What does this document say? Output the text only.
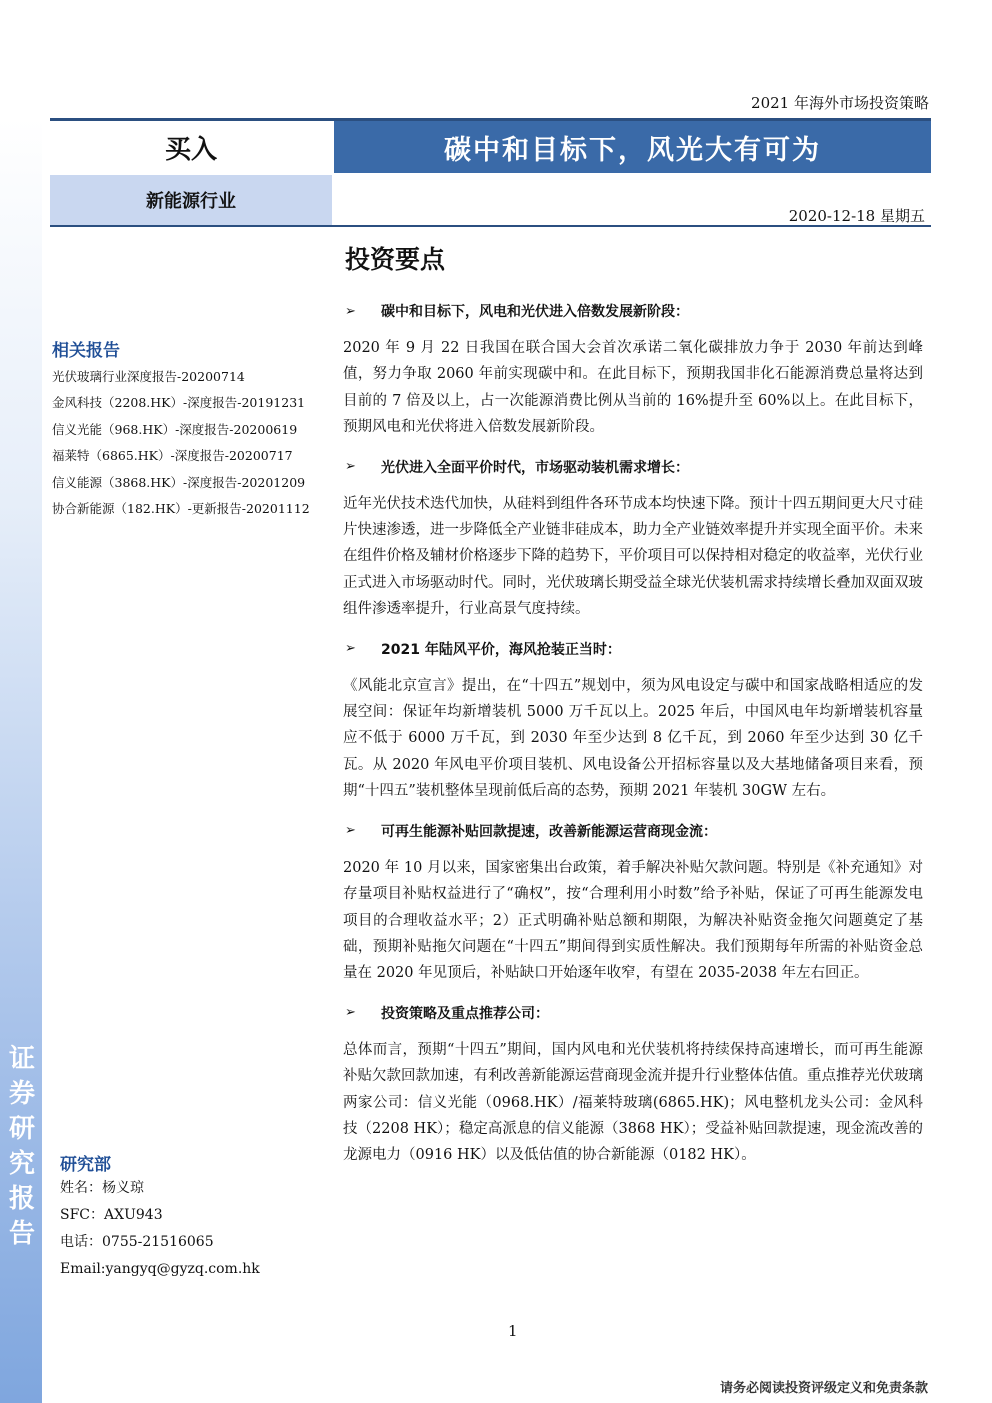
证
券
研
究
报
告
2021 年海外市场投资策略
买入	碳中和目标下，风光大有可为
新能源行业
2020-12-18 星期五
投资要点
相关报告
光伏玻璃行业深度报告-20200714
金风科技（2208.HK）-深度报告-20191231
信义光能（968.HK）-深度报告-20200619
福莱特（6865.HK）-深度报告-20200717
信义能源（3868.HK）-深度报告-20201209
协合新能源（182.HK）-更新报告-20201112
研究部
姓名：杨义琼
SFC：AXU943
电话：0755-21516065
Email:yangyq@gyzq.com.hk
➢ 碳中和目标下，风电和光伏进入倍数发展新阶段：
2020 年 9 月 22 日我国在联合国大会首次承诺二氧化碳排放力争于 2030 年前达到峰值，努力争取 2060 年前实现碳中和。在此目标下，预期我国非化石能源消费总量将达到目前的 7 倍及以上，占一次能源消费比例从当前的 16%提升至 60%以上。在此目标下，预期风电和光伏将进入倍数发展新阶段。
➢ 光伏进入全面平价时代，市场驱动装机需求增长：
近年光伏技术迭代加快，从硅料到组件各环节成本均快速下降。预计十四五期间更大尺寸硅片快速渗透，进一步降低全产业链非硅成本，助力全产业链效率提升并实现全面平价。未来在组件价格及辅材价格逐步下降的趋势下，平价项目可以保持相对稳定的收益率，光伏行业正式进入市场驱动时代。同时，光伏玻璃长期受益全球光伏装机需求持续增长叠加双面双玻组件渗透率提升，行业高景气度持续。
➢ 2021 年陆风平价，海风抢装正当时：
《风能北京宣言》提出，在“十四五”规划中，须为风电设定与碳中和国家战略相适应的发展空间：保证年均新增装机 5000 万千瓦以上。2025 年后，中国风电年均新增装机容量应不低于 6000 万千瓦，到 2030 年至少达到 8 亿千瓦，到 2060 年至少达到 30 亿千瓦。从 2020 年风电平价项目装机、风电设备公开招标容量以及大基地储备项目来看，预期“十四五”装机整体呈现前低后高的态势，预期 2021 年装机 30GW 左右。
➢ 可再生能源补贴回款提速，改善新能源运营商现金流：
2020 年 10 月以来，国家密集出台政策，着手解决补贴欠款问题。特别是《补充通知》对存量项目补贴权益进行了“确权”，按“合理利用小时数”给予补贴，保证了可再生能源发电项目的合理收益水平；2）正式明确补贴总额和期限，为解决补贴资金拖欠问题奠定了基础，预期补贴拖欠问题在“十四五”期间得到实质性解决。我们预期每年所需的补贴资金总量在 2020 年见顶后，补贴缺口开始逐年收窄，有望在 2035-2038 年左右回正。
➢ 投资策略及重点推荐公司：
总体而言，预期“十四五”期间，国内风电和光伏装机将持续保持高速增长，而可再生能源补贴欠款回款加速，有利改善新能源运营商现金流并提升行业整体估值。重点推荐光伏玻璃两家公司：信义光能（0968.HK）/福莱特玻璃(6865.HK)；风电整机龙头公司：金风科技（2208 HK）；稳定高派息的信义能源（3868 HK）；受益补贴回款提速，现金流改善的龙源电力（0916 HK）以及低估值的协合新能源（0182 HK）。
1
请务必阅读投资评级定义和免责条款
